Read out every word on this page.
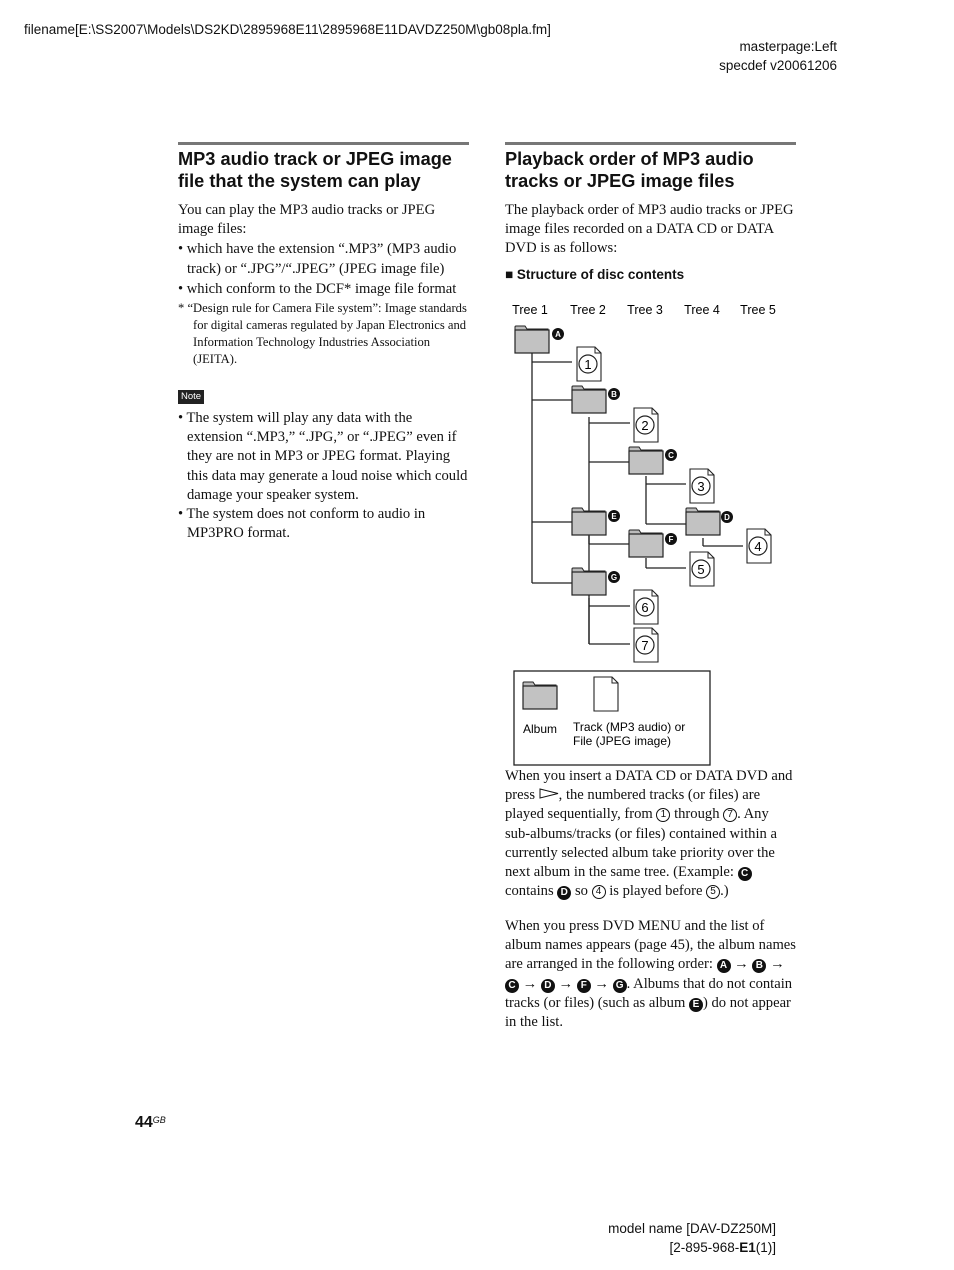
filename[E:\SS2007\Models\DS2KD\2895968E11\2895968E11DAVDZ250M\gb08pla.fm]
masterpage:Left
specdef v20061206
MP3 audio track or JPEG image file that the system can play

You can play the MP3 audio tracks or JPEG image files:

• which have the extension “.MP3” (MP3 audio track) or “.JPG”/“.JPEG” (JPEG image file)

• which conform to the DCF* image file format

* “Design rule for Camera File system”: Image standards for digital cameras regulated by Japan Electronics and Information Technology Industries Association (JEITA).

Note

• The system will play any data with the extension “.MP3,” “.JPG,” or “.JPEG” even if they are not in MP3 or JPEG format. Playing this data may generate a loud noise which could damage your speaker system.

• The system does not conform to audio in MP3PRO format.

Playback order of MP3 audio tracks or JPEG image files

The playback order of MP3 audio tracks or JPEG image files recorded on a DATA CD or DATA DVD is as follows:

■ Structure of disc contents

Tree 1 Tree 2 Tree 3 Tree 4 Tree 5
A
B
C
D
E
F
G
1
2
3
4
5
6
7
Album Track (MP3 audio) or
File (JPEG image)
When you insert a DATA CD or DATA DVD and press , the numbered tracks (or files) are played sequentially, from 1 through 7 . Any sub-albums/tracks (or files) contained within a currently selected album take priority over the next album in the same tree. (Example: C contains D so 4 is played before 5 .)
When you press DVD MENU and the list of album names appears (page 45), the album names are arranged in the following order: A → B → C → D → F → G . Albums that do not contain tracks (or files) (such as album E ) do not appear in the list.
$44^{GB}$
model name [DAV-DZ250M]
[2-895-968-E1(1)]
